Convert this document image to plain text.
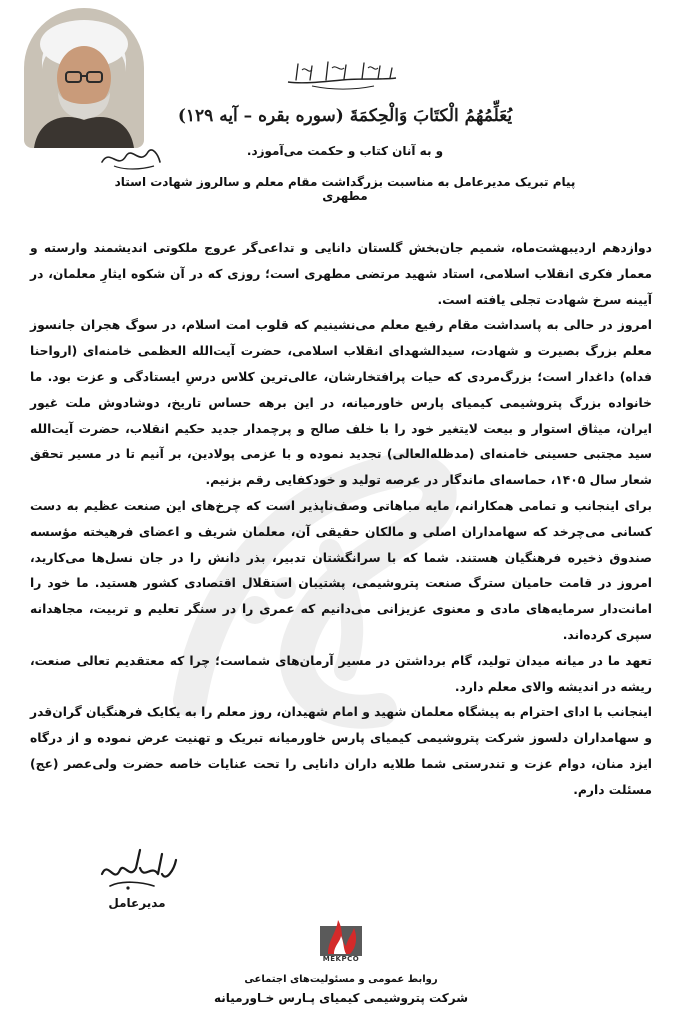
يُعَلِّمُهُمُ الْکتَابَ وَالْحِکمَةَ (سوره بقره – آیه ۱۲۹)
و به آنان کتاب و حکمت می‌آموزد.
پیام تبریک مدیرعامل به مناسبت بزرگداشت مقام معلم و سالروز شهادت استاد مطهری

دوازدهم اردیبهشت‌ماه، شمیم جان‌بخش گلستان دانایی و تداعی‌گر عروج ملکوتی اندیشمند وارسته و معمار فکری انقلاب اسلامی، استاد شهید مرتضی مطهری است؛ روزی که در آن شکوه ایثارِ معلمان، در آیینه سرخ شهادت تجلی یافته است.

امروز در حالی به پاسداشت مقام رفیع معلم می‌نشینیم که قلوب امت اسلام، در سوگ هجران جانسوز معلم بزرگ بصیرت و شهادت، سیدالشهدای انقلاب اسلامی، حضرت آیت‌الله العظمی خامنه‌ای (ارواحنا فداه) داغدار است؛ بزرگ‌مردی که حیات پرافتخارشان، عالی‌ترین کلاس درسِ ایستادگی و عزت بود. ما خانواده بزرگ پتروشیمی کیمیای پارس خاورمیانه، در این برهه حساس تاریخ، دوشادوش ملت غیور ایران، میثاق استوار و بیعت لایتغیر خود را با خلف صالح و پرچمدار جدید حکیم انقلاب، حضرت آیت‌الله سید مجتبی حسینی خامنه‌ای (مدظله‌العالی) تجدید نموده و با عزمی پولادین، بر آنیم تا در مسیر تحقق شعار سال ۱۴۰۵، حماسه‌ای ماندگار در عرصه تولید و خودکفایی رقم بزنیم.

برای اینجانب و تمامی همکارانم، مایه مباهاتی وصف‌ناپذیر است که چرخ‌های این صنعت عظیم به دست کسانی می‌چرخد که سهامداران اصلی و مالکان حقیقی آن، معلمان شریف و اعضای فرهیخته مؤسسه صندوق ذخیره فرهنگیان هستند. شما که با سرانگشتان تدبیر، بذر دانش را در جان نسل‌ها می‌کارید، امروز در قامت حامیان سترگ صنعت پتروشیمی، پشتیبان استقلال اقتصادی کشور هستید. ما خود را امانت‌دار سرمایه‌های مادی و معنوی عزیزانی می‌دانیم که عمری را در سنگر تعلیم و تربیت، مجاهدانه سپری کرده‌اند.

تعهد ما در میانه میدان تولید، گام برداشتن در مسیر آرمان‌های شماست؛ چرا که معتقدیم تعالی صنعت، ریشه در اندیشه والای معلم دارد.

اینجانب با ادای احترام به پیشگاه معلمان شهید و امام شهیدان، روز معلم را به یکایک فرهنگیان گران‌قدر و سهامداران دلسوز شرکت پتروشیمی کیمیای پارس خاورمیانه تبریک و تهنیت عرض نموده و از درگاه ایزد منان، دوام عزت و تندرستی شما طلایه داران دانایی را تحت عنایات خاصه حضرت ولی‌عصر (عج) مسئلت دارم.

مدیرعامل
MEKPCO
روابط عمومی و مسئولیت‌های اجتماعی
شرکت پتروشیمی کیمیای پـارس خـاورمیانه
